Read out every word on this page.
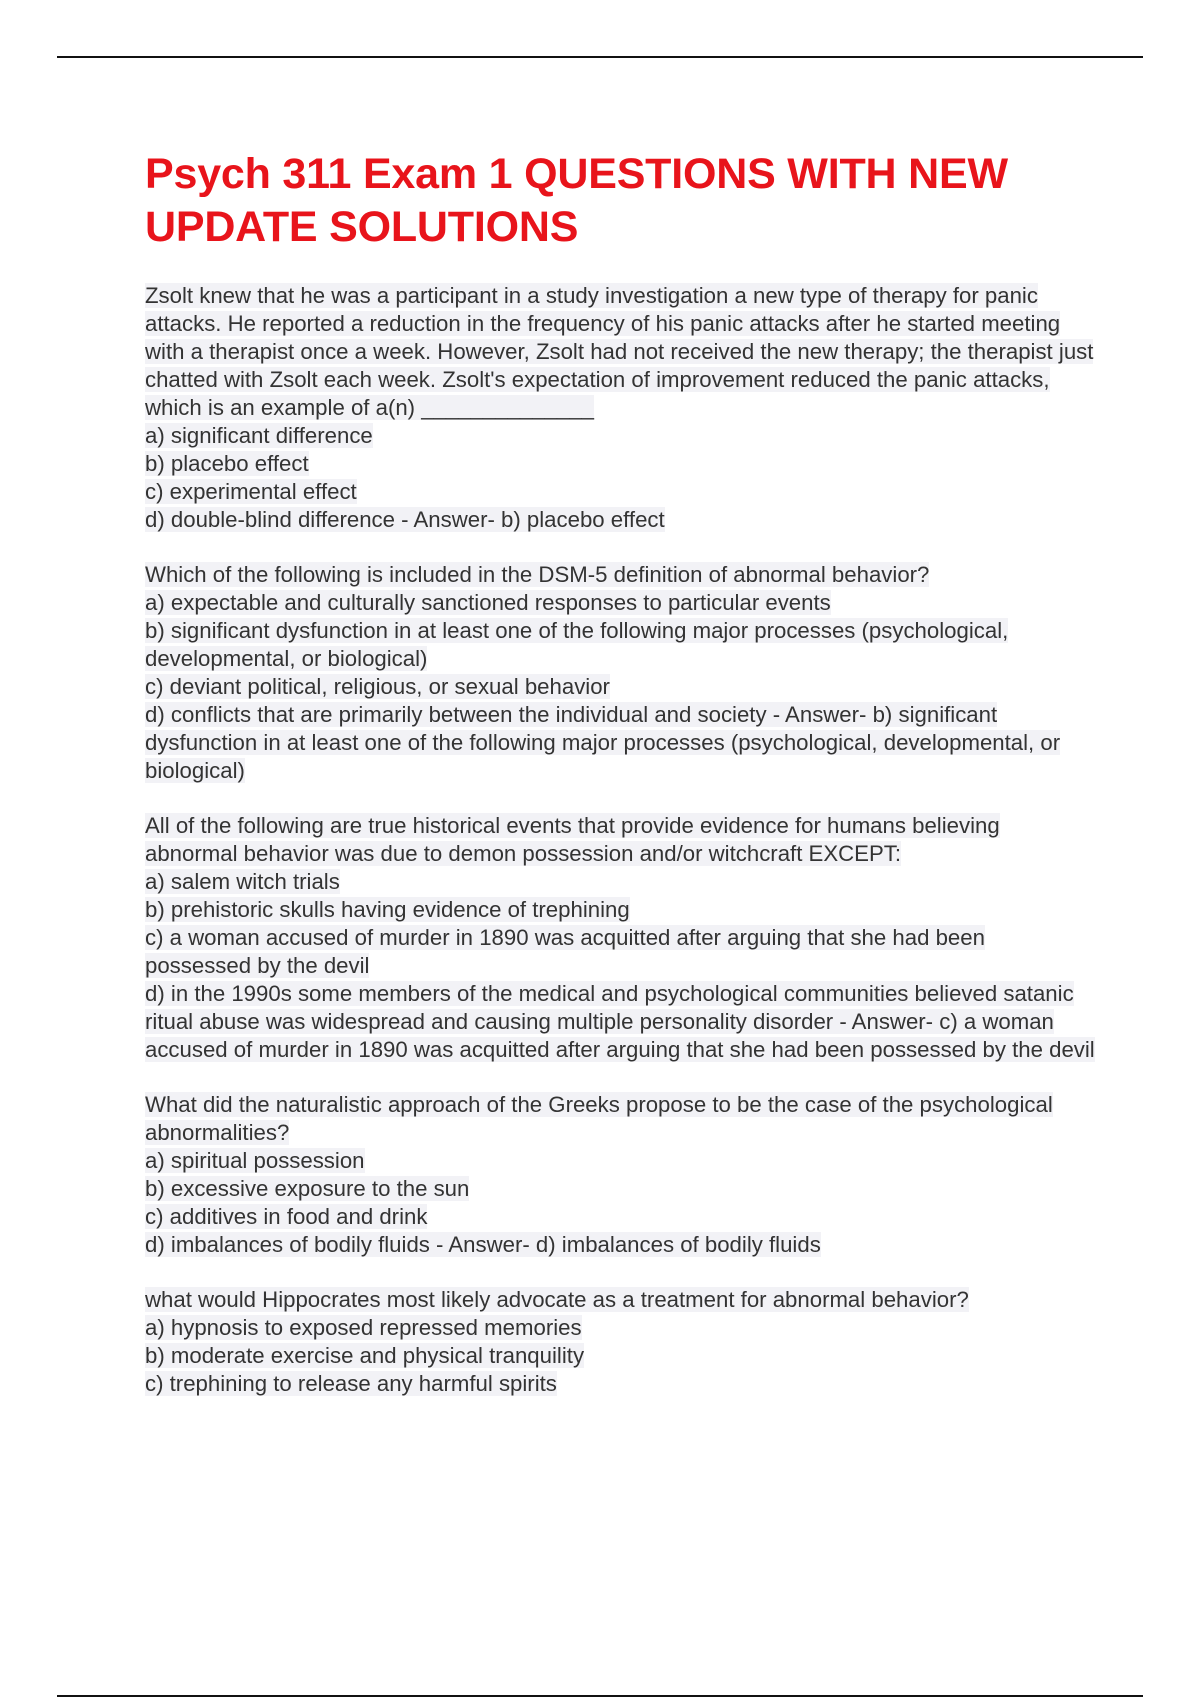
Psych 311 Exam 1 QUESTIONS WITH NEW UPDATE SOLUTIONS

Zsolt knew that he was a participant in a study investigation a new type of therapy for panic attacks. He reported a reduction in the frequency of his panic attacks after he started meeting with a therapist once a week. However, Zsolt had not received the new therapy; the therapist just chatted with Zsolt each week. Zsolt's expectation of improvement reduced the panic attacks, which is an example of a(n) ______________

a) significant difference

b) placebo effect

c) experimental effect

d) double-blind difference - Answer- b) placebo effect

Which of the following is included in the DSM-5 definition of abnormal behavior?

a) expectable and culturally sanctioned responses to particular events

b) significant dysfunction in at least one of the following major processes (psychological, developmental, or biological)

c) deviant political, religious, or sexual behavior

d) conflicts that are primarily between the individual and society - Answer- b) significant dysfunction in at least one of the following major processes (psychological, developmental, or biological)

All of the following are true historical events that provide evidence for humans believing abnormal behavior was due to demon possession and/or witchcraft EXCEPT:

a) salem witch trials

b) prehistoric skulls having evidence of trephining

c) a woman accused of murder in 1890 was acquitted after arguing that she had been possessed by the devil

d) in the 1990s some members of the medical and psychological communities believed satanic ritual abuse was widespread and causing multiple personality disorder - Answer- c) a woman accused of murder in 1890 was acquitted after arguing that she had been possessed by the devil

What did the naturalistic approach of the Greeks propose to be the case of the psychological abnormalities?

a) spiritual possession

b) excessive exposure to the sun

c) additives in food and drink

d) imbalances of bodily fluids - Answer- d) imbalances of bodily fluids

what would Hippocrates most likely advocate as a treatment for abnormal behavior?

a) hypnosis to exposed repressed memories

b) moderate exercise and physical tranquility

c) trephining to release any harmful spirits
